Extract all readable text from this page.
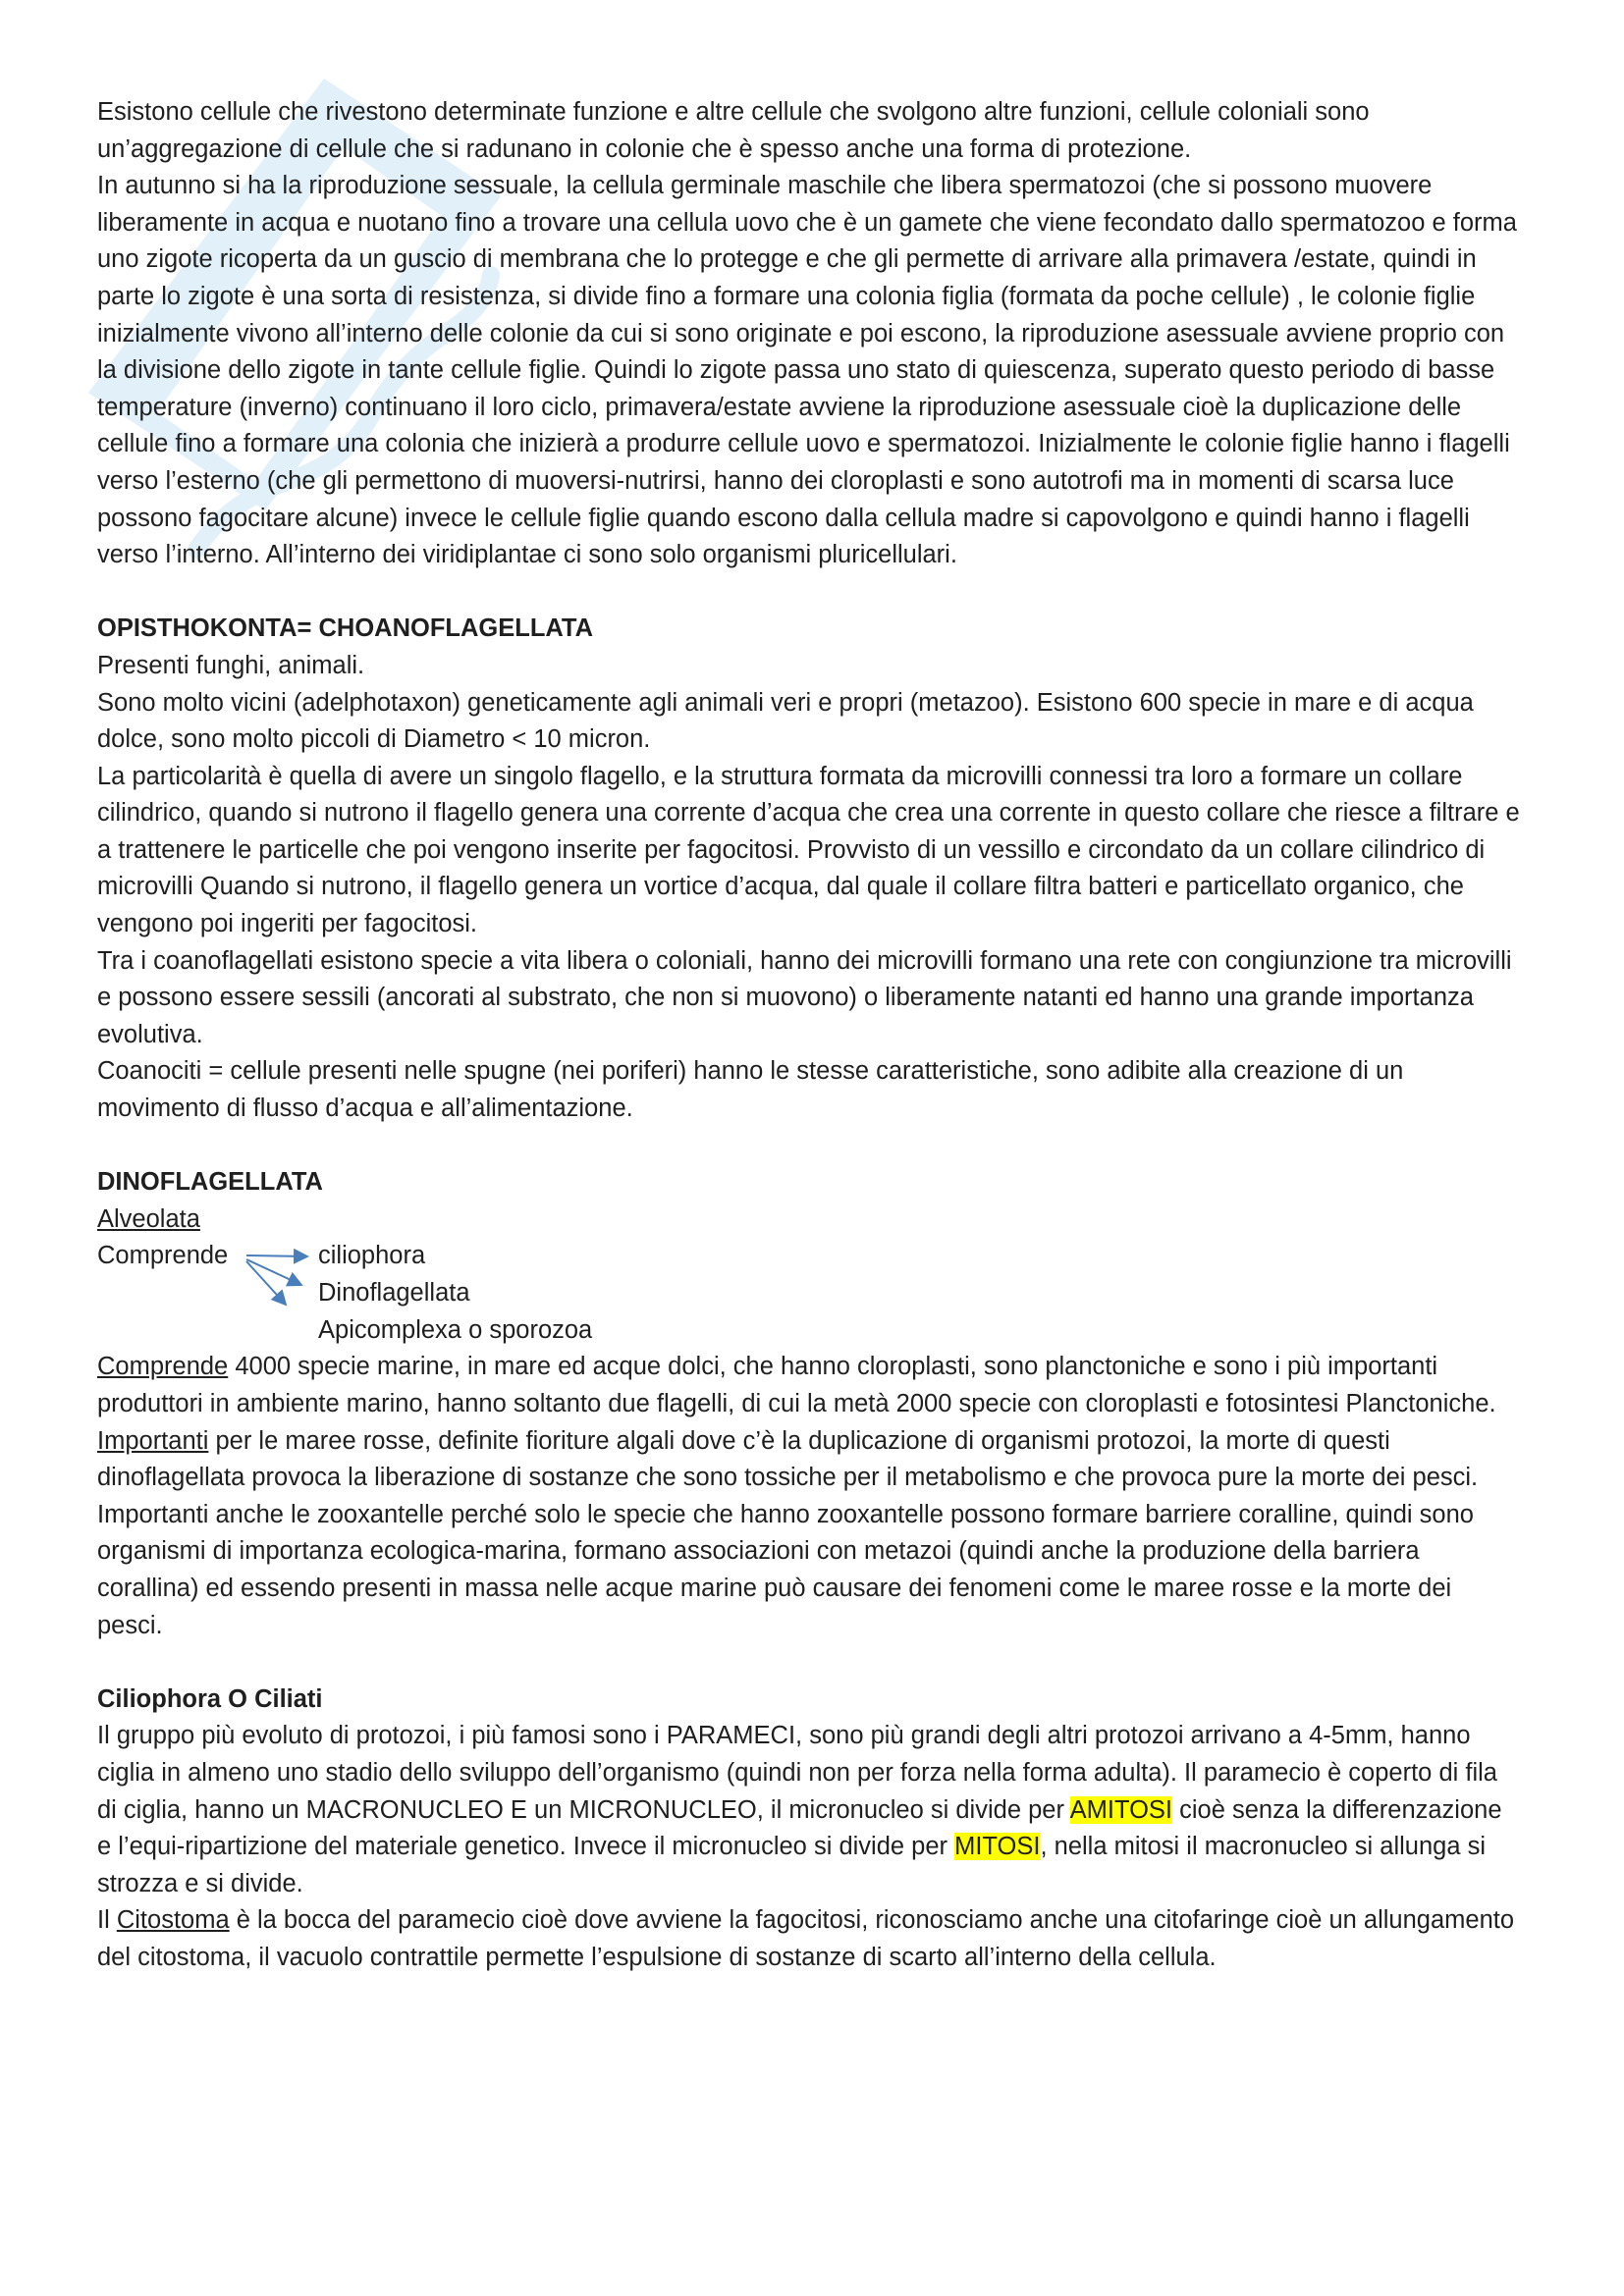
Esistono cellule che rivestono determinate funzione e altre cellule che svolgono altre funzioni, cellule coloniali sono un’aggregazione di cellule che si radunano in colonie che è spesso anche una forma di protezione.

In autunno si ha la riproduzione sessuale, la cellula germinale maschile che libera spermatozoi (che si possono muovere liberamente in acqua e nuotano fino a trovare una cellula uovo che è un gamete che viene fecondato dallo spermatozoo e forma uno zigote ricoperta da un guscio di membrana che lo protegge e che gli permette di arrivare alla primavera /estate, quindi in parte lo zigote è una sorta di resistenza, si divide fino a formare una colonia figlia (formata da poche cellule) , le colonie figlie inizialmente vivono all’interno delle colonie da cui si sono originate e poi escono, la riproduzione asessuale avviene proprio con la divisione dello zigote in tante cellule figlie. Quindi lo zigote passa uno stato di quiescenza, superato questo periodo di basse temperature (inverno) continuano il loro ciclo, primavera/estate avviene la riproduzione asessuale cioè la duplicazione delle cellule fino a formare una colonia che inizierà a produrre cellule uovo e spermatozoi. Inizialmente le colonie figlie hanno i flagelli verso l’esterno (che gli permettono di muoversi-nutrirsi, hanno dei cloroplasti e sono autotrofi ma in momenti di scarsa luce possono fagocitare alcune) invece le cellule figlie quando escono dalla cellula madre si capovolgono e quindi hanno i flagelli verso l’interno. All’interno dei viridiplantae ci sono solo organismi pluricellulari.

OPISTHOKONTA= CHOANOFLAGELLATA

Presenti funghi, animali.

Sono molto vicini (adelphotaxon) geneticamente agli animali veri e propri (metazoo). Esistono 600 specie in mare e di acqua dolce, sono molto piccoli di Diametro < 10 micron.

La particolarità è quella di avere un singolo flagello, e la struttura formata da microvilli connessi tra loro a formare un collare cilindrico, quando si nutrono il flagello genera una corrente d’acqua che crea una corrente in questo collare che riesce a filtrare e a trattenere le particelle che poi vengono inserite per fagocitosi. Provvisto di un vessillo e circondato da un collare cilindrico di microvilli Quando si nutrono, il flagello genera un vortice d’acqua, dal quale il collare filtra batteri e particellato organico, che vengono poi ingeriti per fagocitosi.

Tra i coanoflagellati esistono specie a vita libera o coloniali, hanno dei microvilli formano una rete con congiunzione tra microvilli e possono essere sessili (ancorati al substrato, che non si muovono) o liberamente natanti ed hanno una grande importanza evolutiva.

Coanociti = cellule presenti nelle spugne (nei poriferi) hanno le stesse caratteristiche, sono adibite alla creazione di un movimento di flusso d’acqua e all’alimentazione.

DINOFLAGELLATA

Alveolata

Comprende	ciliophora
Dinoflagellata
Apicomplexa o sporozoa

Comprende 4000 specie marine, in mare ed acque dolci, che hanno cloroplasti, sono planctoniche e sono i più importanti produttori in ambiente marino, hanno soltanto due flagelli, di cui la metà 2000 specie con cloroplasti e fotosintesi Planctoniche.

Importanti per le maree rosse, definite fioriture algali dove c’è la duplicazione di organismi protozoi, la morte di questi dinoflagellata provoca la liberazione di sostanze che sono tossiche per il metabolismo e che provoca pure la morte dei pesci.

Importanti anche le zooxantelle perché solo le specie che hanno zooxantelle possono formare barriere coralline, quindi sono organismi di importanza ecologica-marina, formano associazioni con metazoi (quindi anche la produzione della barriera corallina) ed essendo presenti in massa nelle acque marine può causare dei fenomeni come le maree rosse e la morte dei pesci.

Ciliophora O Ciliati

Il gruppo più evoluto di protozoi, i più famosi sono i PARAMECI, sono più grandi degli altri protozoi arrivano a 4-5mm, hanno ciglia in almeno uno stadio dello sviluppo dell’organismo (quindi non per forza nella forma adulta). Il paramecio è coperto di fila di ciglia, hanno un MACRONUCLEO E un MICRONUCLEO, il micronucleo si divide per AMITOSI cioè senza la differenzazione e l’equi-ripartizione del materiale genetico. Invece il micronucleo si divide per MITOSI, nella mitosi il macronucleo si allunga si strozza e si divide.

Il Citostoma è la bocca del paramecio cioè dove avviene la fagocitosi, riconosciamo anche una citofaringe cioè un allungamento del citostoma, il vacuolo contrattile permette l’espulsione di sostanze di scarto all’interno della cellula.
